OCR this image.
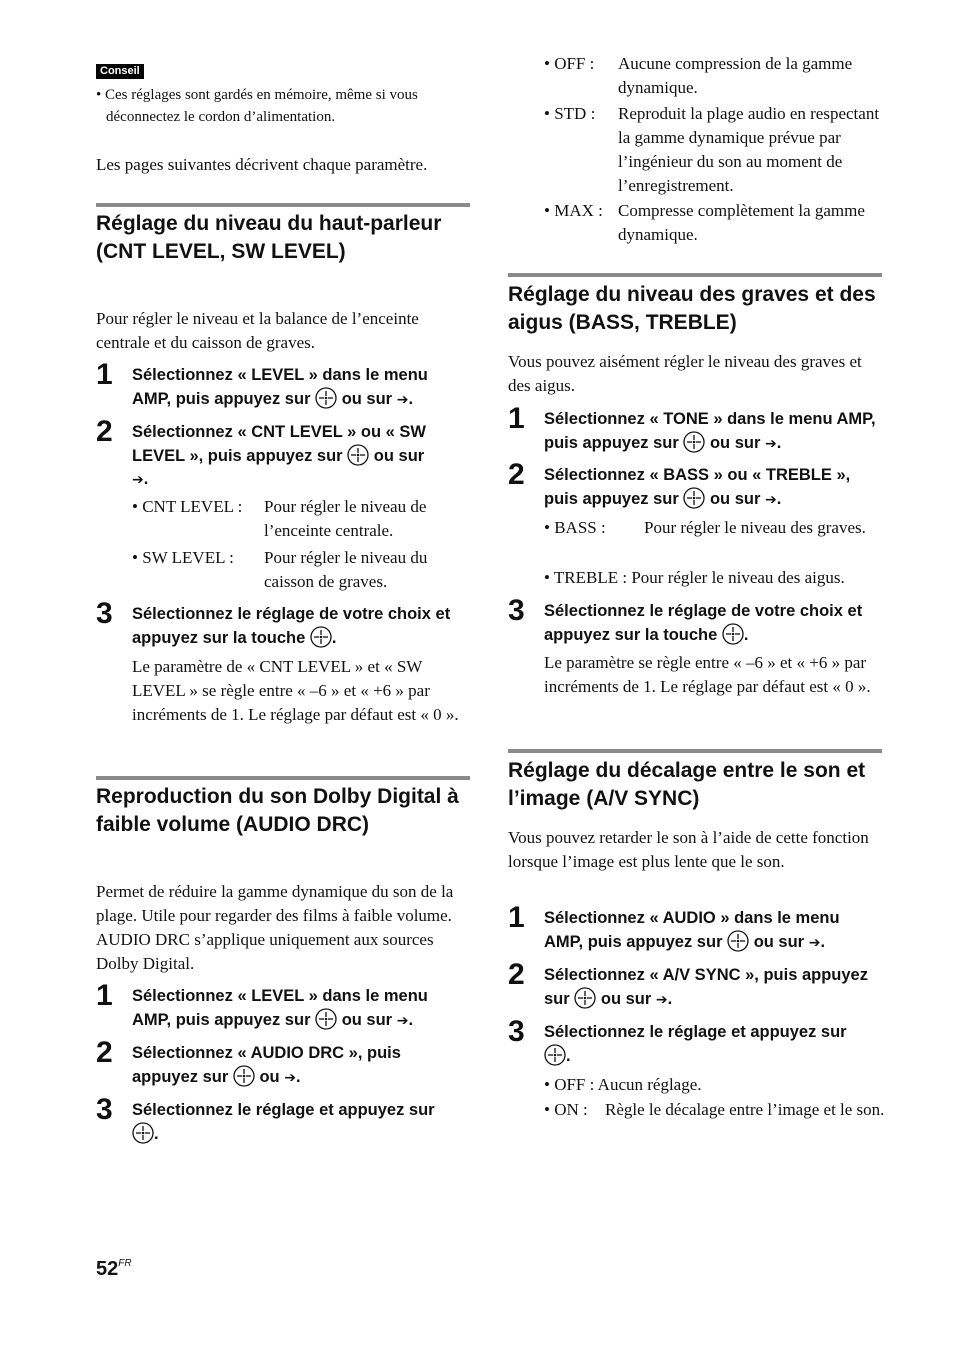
Conseil
• Ces réglages sont gardés en mémoire, même si vous déconnectez le cordon d’alimentation.
Les pages suivantes décrivent chaque paramètre.
Réglage du niveau du haut-parleur (CNT LEVEL, SW LEVEL)
Pour régler le niveau et la balance de l’enceinte centrale et du caisson de graves.
1 Sélectionnez « LEVEL » dans le menu AMP, puis appuyez sur ou sur ➔.
2 Sélectionnez « CNT LEVEL » ou « SW LEVEL », puis appuyez sur ou sur
➔.
• CNT LEVEL : Pour régler le niveau de l’enceinte centrale.
• SW LEVEL : Pour régler le niveau du caisson de graves.
3 Sélectionnez le réglage de votre choix et appuyez sur la touche .
Le paramètre de « CNT LEVEL » et « SW LEVEL » se règle entre « –6 » et « +6 » par incréments de 1. Le réglage par défaut est « 0 ».
Reproduction du son Dolby Digital à faible volume (AUDIO DRC)
Permet de réduire la gamme dynamique du son de la plage. Utile pour regarder des films à faible volume. AUDIO DRC s’applique uniquement aux sources Dolby Digital.
1 Sélectionnez « LEVEL » dans le menu AMP, puis appuyez sur ou sur ➔.
2 Sélectionnez « AUDIO DRC », puis appuyez sur ou ➔.
3 Sélectionnez le réglage et appuyez sur
.
• OFF : Aucune compression de la gamme dynamique.
• STD : Reproduit la plage audio en respectant la gamme dynamique prévue par l’ingénieur du son au moment de l’enregistrement.
• MAX : Compresse complètement la gamme dynamique.
Réglage du niveau des graves et des aigus (BASS, TREBLE)
Vous pouvez aisément régler le niveau des graves et des aigus.
1 Sélectionnez « TONE » dans le menu AMP, puis appuyez sur ou sur ➔.
2 Sélectionnez « BASS » ou « TREBLE », puis appuyez sur ou sur ➔.
• BASS : Pour régler le niveau des graves.
• TREBLE : Pour régler le niveau des aigus.
3 Sélectionnez le réglage de votre choix et appuyez sur la touche .
Le paramètre se règle entre « –6 » et « +6 » par incréments de 1. Le réglage par défaut est « 0 ».
Réglage du décalage entre le son et l’image (A/V SYNC)
Vous pouvez retarder le son à l’aide de cette fonction lorsque l’image est plus lente que le son.
1 Sélectionnez « AUDIO » dans le menu AMP, puis appuyez sur ou sur ➔.
2 Sélectionnez « A/V SYNC », puis appuyez sur ou sur ➔.
3 Sélectionnez le réglage et appuyez sur
.
• OFF : Aucun réglage.
• ON : Règle le décalage entre l’image et le son.
$52^{FR}$
